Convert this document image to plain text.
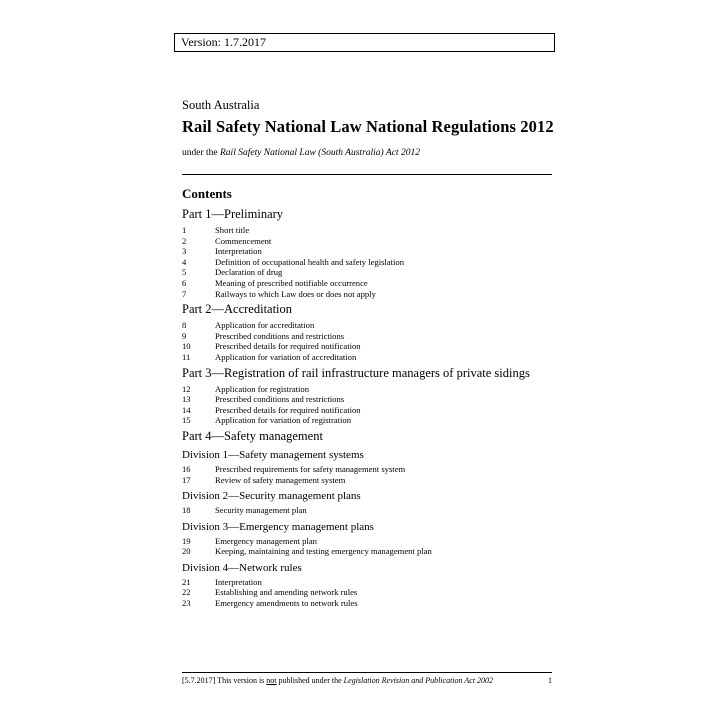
Version: 1.7.2017
South Australia
Rail Safety National Law National Regulations 2012
under the Rail Safety National Law (South Australia) Act 2012
Contents
Part 1—Preliminary
1	Short title
2	Commencement
3	Interpretation
4	Definition of occupational health and safety legislation
5	Declaration of drug
6	Meaning of prescribed notifiable occurrence
7	Railways to which Law does or does not apply
Part 2—Accreditation
8	Application for accreditation
9	Prescribed conditions and restrictions
10	Prescribed details for required notification
11	Application for variation of accreditation
Part 3—Registration of rail infrastructure managers of private sidings
12	Application for registration
13	Prescribed conditions and restrictions
14	Prescribed details for required notification
15	Application for variation of registration
Part 4—Safety management
Division 1—Safety management systems
16	Prescribed requirements for safety management system
17	Review of safety management system
Division 2—Security management plans
18	Security management plan
Division 3—Emergency management plans
19	Emergency management plan
20	Keeping, maintaining and testing emergency management plan
Division 4—Network rules
21	Interpretation
22	Establishing and amending network rules
23	Emergency amendments to network rules
[5.7.2017] This version is not published under the Legislation Revision and Publication Act 2002	1
